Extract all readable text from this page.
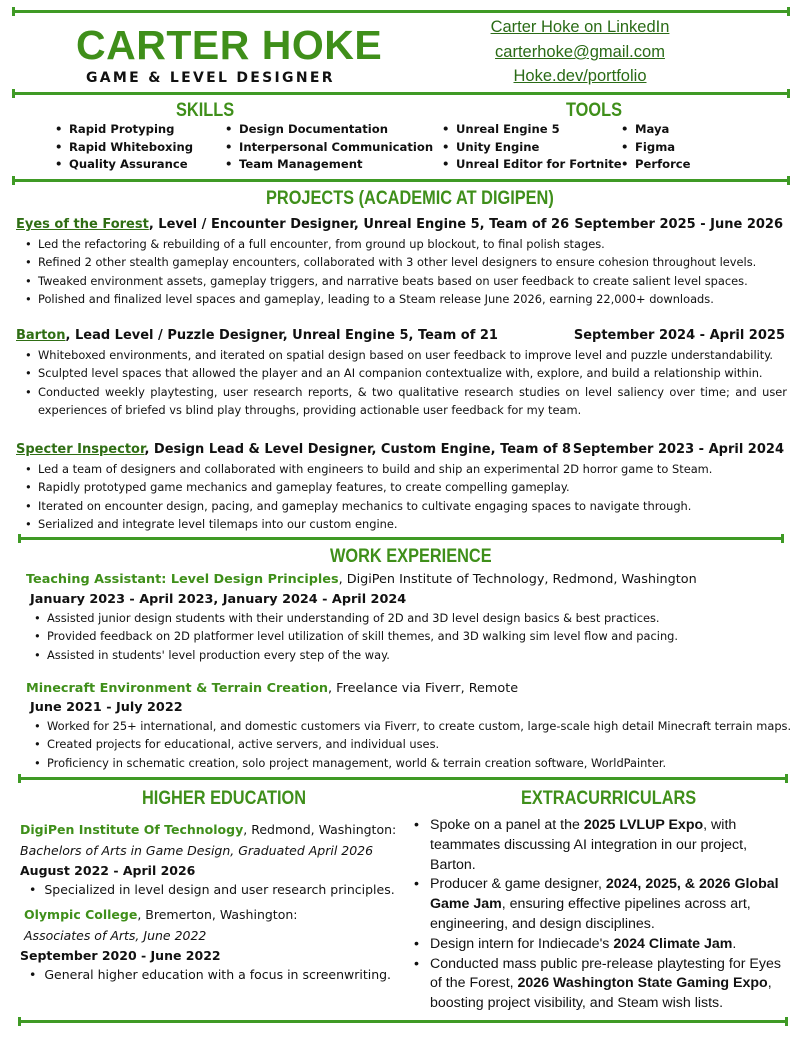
CARTER HOKE
GAME & LEVEL DESIGNER
Carter Hoke on LinkedIn
carterhoke@gmail.com
Hoke.dev/portfolio
SKILLS	TOOLS
• Rapid Protyping
• Rapid Whiteboxing
• Quality Assurance
• Design Documentation
• Interpersonal Communication
• Team Management
• Unreal Engine 5
• Unity Engine
• Unreal Editor for Fortnite
• Maya
• Figma
• Perforce
PROJECTS (ACADEMIC AT DIGIPEN)
Eyes of the Forest, Level / Encounter Designer, Unreal Engine 5, Team of 26 September 2025 - June 2026
• Led the refactoring & rebuilding of a full encounter, from ground up blockout, to final polish stages.
• Refined 2 other stealth gameplay encounters, collaborated with 3 other level designers to ensure cohesion throughout levels.
• Tweaked environment assets, gameplay triggers, and narrative beats based on user feedback to create salient level spaces.
• Polished and finalized level spaces and gameplay, leading to a Steam release June 2026, earning 22,000+ downloads.
Barton, Lead Level / Puzzle Designer, Unreal Engine 5, Team of 21	September 2024 - April 2025
• Whiteboxed environments, and iterated on spatial design based on user feedback to improve level and puzzle understandability.
• Sculpted level spaces that allowed the player and an AI companion contextualize with, explore, and build a relationship within.
• Conducted weekly playtesting, user research reports, & two qualitative research studies on level saliency over time; and user experiences of briefed vs blind play throughs, providing actionable user feedback for my team.
Specter Inspector, Design Lead & Level Designer, Custom Engine, Team of 8 September 2023 - April 2024
• Led a team of designers and collaborated with engineers to build and ship an experimental 2D horror game to Steam.
• Rapidly prototyped game mechanics and gameplay features, to create compelling gameplay.
• Iterated on encounter design, pacing, and gameplay mechanics to cultivate engaging spaces to navigate through.
• Serialized and integrate level tilemaps into our custom engine.
WORK EXPERIENCE
Teaching Assistant: Level Design Principles, DigiPen Institute of Technology, Redmond, Washington
January 2023 - April 2023, January 2024 - April 2024
• Assisted junior design students with their understanding of 2D and 3D level design basics & best practices.
• Provided feedback on 2D platformer level utilization of skill themes, and 3D walking sim level flow and pacing.
• Assisted in students' level production every step of the way.
Minecraft Environment & Terrain Creation, Freelance via Fiverr, Remote
June 2021 - July 2022
• Worked for 25+ international, and domestic customers via Fiverr, to create custom, large-scale high detail Minecraft terrain maps.
• Created projects for educational, active servers, and individual uses.
• Proficiency in schematic creation, solo project management, world & terrain creation software, WorldPainter.
HIGHER EDUCATION
DigiPen Institute Of Technology, Redmond, Washington:
Bachelors of Arts in Game Design, Graduated April 2026
August 2022 - April 2026
•  Specialized in level design and user research principles.
Olympic College, Bremerton, Washington:
Associates of Arts, June 2022
September 2020 - June 2022
•  General higher education with a focus in screenwriting.
EXTRACURRICULARS
• Spoke on a panel at the 2025 LVLUP Expo, with teammates discussing AI integration in our project, Barton.
• Producer & game designer, 2024, 2025, & 2026 Global Game Jam, ensuring effective pipelines across art, engineering, and design disciplines.
• Design intern for Indiecade's 2024 Climate Jam.
• Conducted mass public pre-release playtesting for Eyes of the Forest, 2026 Washington State Gaming Expo, boosting project visibility, and Steam wish lists.
